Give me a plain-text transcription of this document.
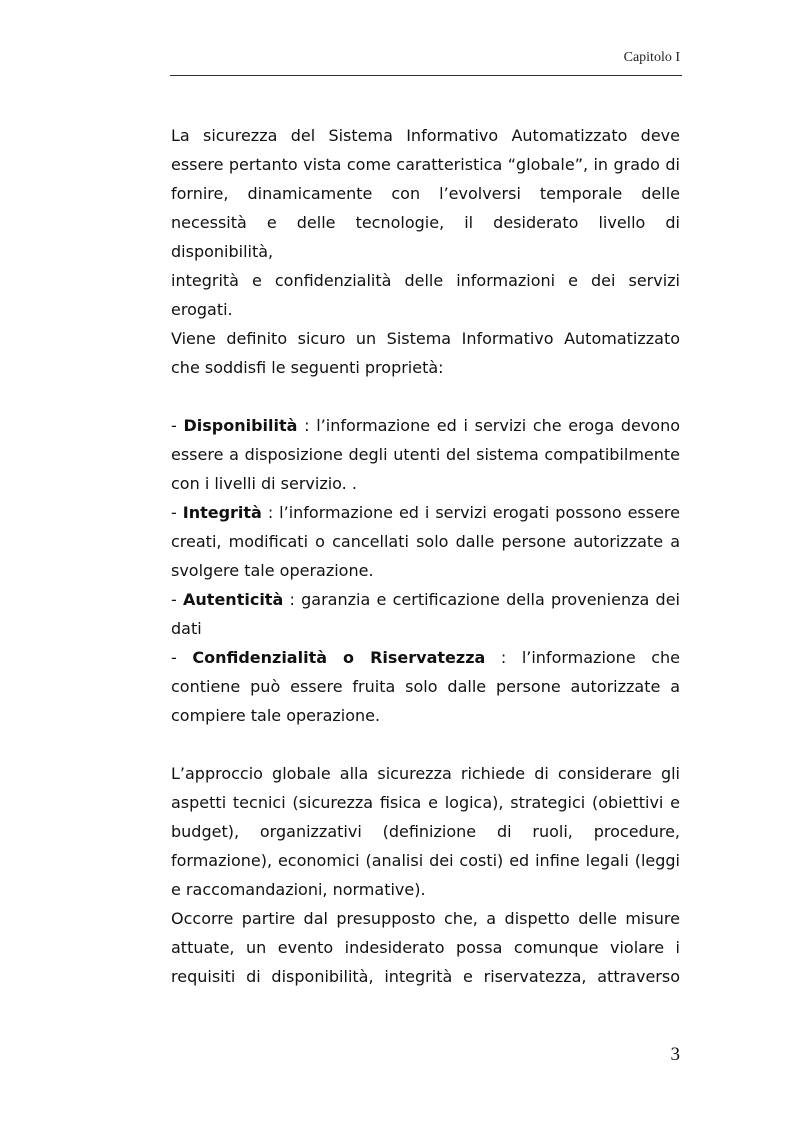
Capitolo I
La sicurezza del Sistema Informativo Automatizzato deve
essere pertanto vista come caratteristica “globale”, in grado di
fornire, dinamicamente con l’evolversi temporale delle
necessità e delle tecnologie, il desiderato livello di disponibilità,
integrità e confidenzialità delle informazioni e dei servizi
erogati.
Viene definito sicuro un Sistema Informativo Automatizzato
che soddisfi le seguenti proprietà:
- Disponibilità : l’informazione ed i servizi che eroga devono
essere a disposizione degli utenti del sistema compatibilmente
con i livelli di servizio. .
- Integrità : l’informazione ed i servizi erogati possono essere
creati, modificati o cancellati solo dalle persone autorizzate a
svolgere tale operazione.
- Autenticità : garanzia e certificazione della provenienza dei
dati
- Confidenzialità o Riservatezza : l’informazione che
contiene può essere fruita solo dalle persone autorizzate a
compiere tale operazione.
L’approccio globale alla sicurezza richiede di considerare gli
aspetti tecnici (sicurezza fisica e logica), strategici (obiettivi e
budget), organizzativi (definizione di ruoli, procedure,
formazione), economici (analisi dei costi) ed infine legali (leggi
e raccomandazioni, normative).
Occorre partire dal presupposto che, a dispetto delle misure
attuate, un evento indesiderato possa comunque violare i
requisiti di disponibilità, integrità e riservatezza, attraverso
3
